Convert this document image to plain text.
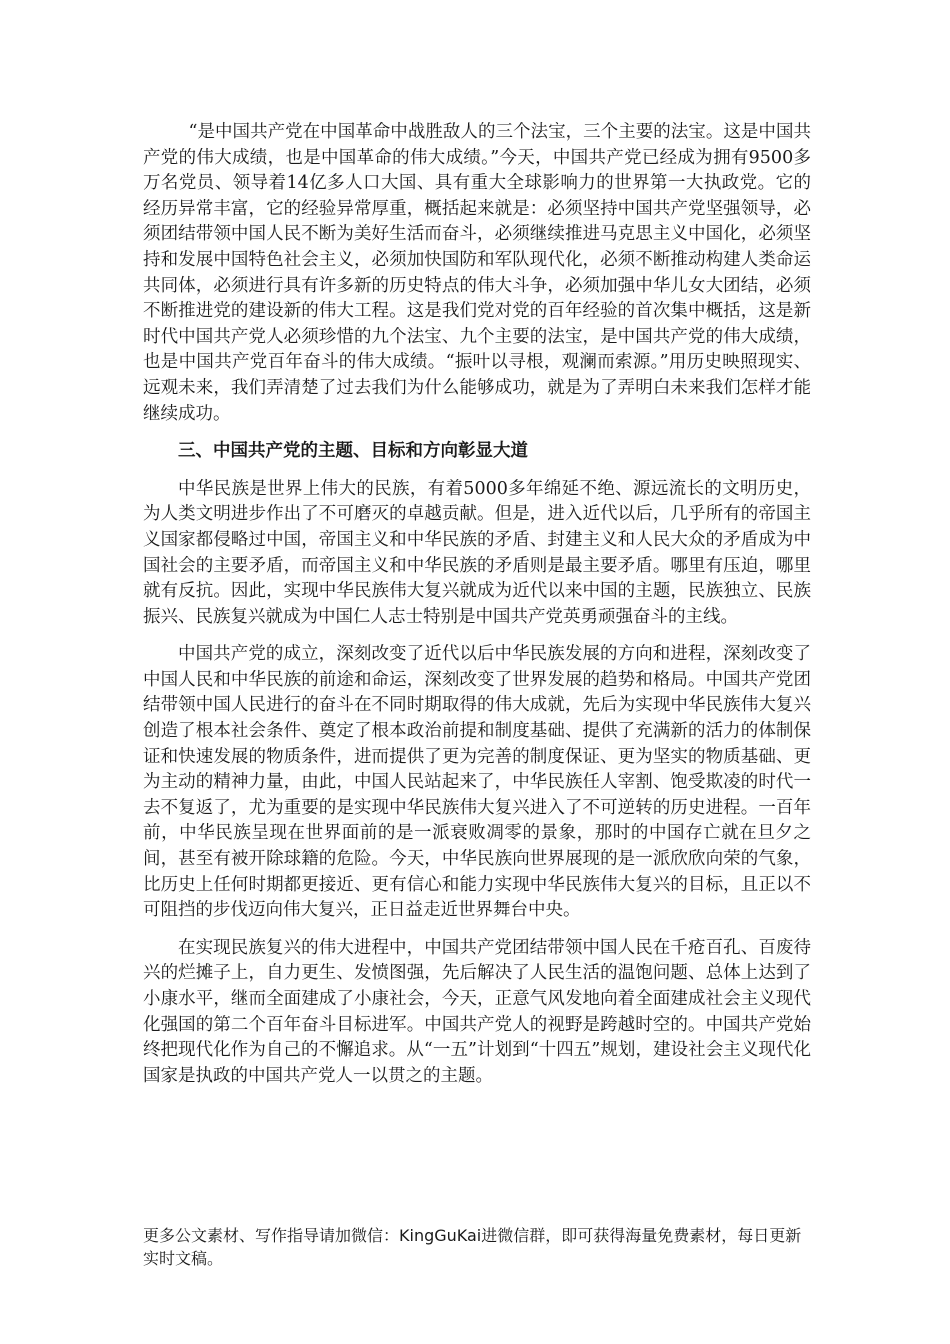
“是中国共产党在中国革命中战胜敌人的三个法宝，三个主要的法宝。这是中国共产党的伟大成绩，也是中国革命的伟大成绩。”今天，中国共产党已经成为拥有9500多万名党员、领导着14亿多人口大国、具有重大全球影响力的世界第一大执政党。它的经历异常丰富，它的经验异常厚重，概括起来就是：必须坚持中国共产党坚强领导，必须团结带领中国人民不断为美好生活而奋斗，必须继续推进马克思主义中国化，必须坚持和发展中国特色社会主义，必须加快国防和军队现代化，必须不断推动构建人类命运共同体，必须进行具有许多新的历史特点的伟大斗争，必须加强中华儿女大团结，必须不断推进党的建设新的伟大工程。这是我们党对党的百年经验的首次集中概括，这是新时代中国共产党人必须珍惜的九个法宝、九个主要的法宝，是中国共产党的伟大成绩，也是中国共产党百年奋斗的伟大成绩。“振叶以寻根，观澜而索源。”用历史映照现实、远观未来，我们弄清楚了过去我们为什么能够成功，就是为了弄明白未来我们怎样才能继续成功。

三、中国共产党的主题、目标和方向彰显大道

中华民族是世界上伟大的民族，有着5000多年绵延不绝、源远流长的文明历史，为人类文明进步作出了不可磨灭的卓越贡献。但是，进入近代以后，几乎所有的帝国主义国家都侵略过中国，帝国主义和中华民族的矛盾、封建主义和人民大众的矛盾成为中国社会的主要矛盾，而帝国主义和中华民族的矛盾则是最主要矛盾。哪里有压迫，哪里就有反抗。因此，实现中华民族伟大复兴就成为近代以来中国的主题，民族独立、民族振兴、民族复兴就成为中国仁人志士特别是中国共产党英勇顽强奋斗的主线。

中国共产党的成立，深刻改变了近代以后中华民族发展的方向和进程，深刻改变了中国人民和中华民族的前途和命运，深刻改变了世界发展的趋势和格局。中国共产党团结带领中国人民进行的奋斗在不同时期取得的伟大成就，先后为实现中华民族伟大复兴创造了根本社会条件、奠定了根本政治前提和制度基础、提供了充满新的活力的体制保证和快速发展的物质条件，进而提供了更为完善的制度保证、更为坚实的物质基础、更为主动的精神力量，由此，中国人民站起来了，中华民族任人宰割、饱受欺凌的时代一去不复返了，尤为重要的是实现中华民族伟大复兴进入了不可逆转的历史进程。一百年前，中华民族呈现在世界面前的是一派衰败凋零的景象，那时的中国存亡就在旦夕之间，甚至有被开除球籍的危险。今天，中华民族向世界展现的是一派欣欣向荣的气象，比历史上任何时期都更接近、更有信心和能力实现中华民族伟大复兴的目标，且正以不可阻挡的步伐迈向伟大复兴，正日益走近世界舞台中央。

在实现民族复兴的伟大进程中，中国共产党团结带领中国人民在千疮百孔、百废待兴的烂摊子上，自力更生、发愤图强，先后解决了人民生活的温饱问题、总体上达到了小康水平，继而全面建成了小康社会，今天，正意气风发地向着全面建成社会主义现代化强国的第二个百年奋斗目标进军。中国共产党人的视野是跨越时空的。中国共产党始终把现代化作为自己的不懈追求。从“一五”计划到“十四五”规划，建设社会主义现代化国家是执政的中国共产党人一以贯之的主题。

更多公文素材、写作指导请加微信：KingGuKai进微信群，即可获得海量免费素材，每日更新实时文稿。
